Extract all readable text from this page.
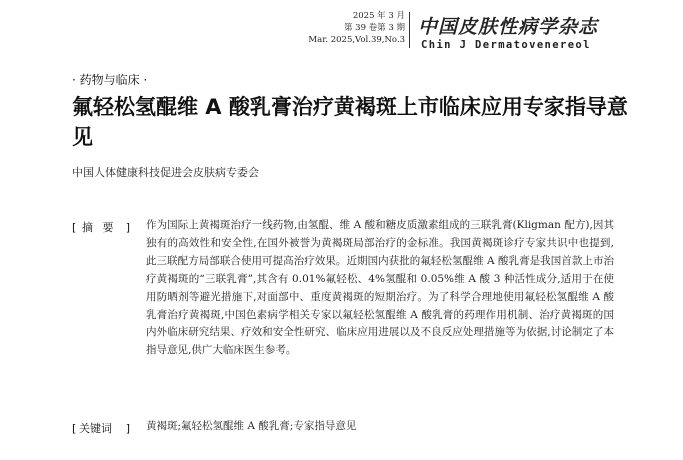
2025 年 3 月
第 39 卷第 3 期
Mar. 2025,Vol.39,No.3
中国皮肤性病学杂志
Chin J Dermatovenereol
· 药物与临床 ·
氟轻松氢醌维 A 酸乳膏治疗黄褐斑上市临床应用专家指导意见
中国人体健康科技促进会皮肤病专委会
[ 摘 要 ] 作为国际上黄褐斑治疗一线药物,由氢醌、维 A 酸和糖皮质激素组成的三联乳膏(Kligman 配方),因其独有的高效性和安全性,在国外被誉为黄褐斑局部治疗的金标准。我国黄褐斑诊疗专家共识中也提到,此三联配方局部联合使用可提高治疗效果。近期国内获批的氟轻松氢醌维 A 酸乳膏是我国首款上市治疗黄褐斑的“三联乳膏”,其含有 0.01%氟轻松、4%氢醌和 0.05%维 A 酸 3 种活性成分,适用于在使用防晒剂等避光措施下,对面部中、重度黄褐斑的短期治疗。为了科学合理地使用氟轻松氢醌维 A 酸乳膏治疗黄褐斑,中国色素病学相关专家以氟轻松氢醌维 A 酸乳膏的药理作用机制、治疗黄褐斑的国内外临床研究结果、疗效和安全性研究、临床应用进展以及不良反应处理措施等为依据,讨论制定了本指导意见,供广大临床医生参考。
[ 关键词 ] 黄褐斑;氟轻松氢醌维 A 酸乳膏;专家指导意见
